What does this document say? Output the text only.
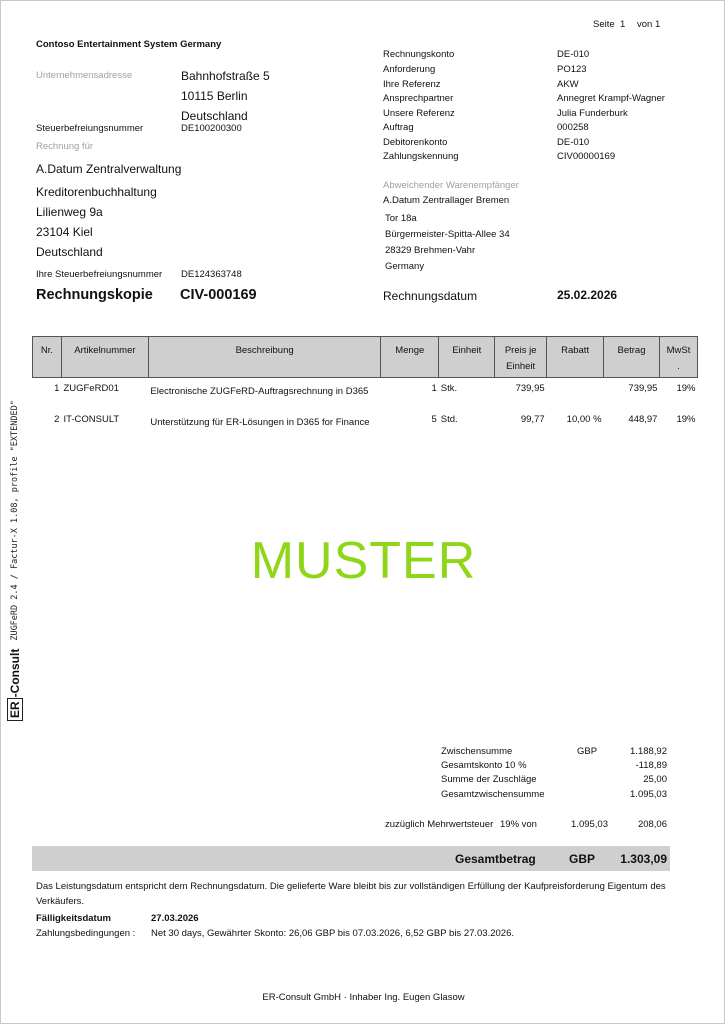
Seite 1 von 1
Contoso Entertainment System Germany
Unternehmensadresse	Bahnhofstraße 5
10115 Berlin
Deutschland
Steuerbefreiungsnummer	DE100200300
Rechnung für
A.Datum Zentralverwaltung
Kreditorenbuchhaltung
Lilienweg 9a
23104 Kiel
Deutschland
Ihre Steuerbefreiungsnummer DE124363748
Rechnungskonto	DE-010
Anforderung	PO123
Ihre Referenz	AKW
Ansprechpartner	Annegret Krampf-Wagner
Unsere Referenz	Julia Funderburk
Auftrag	000258
Debitorenkonto	DE-010
Zahlungskennung	CIV00000169
Abweichender Warenempfänger
A.Datum Zentrallager Bremen
Tor 18a
Bürgermeister-Spitta-Allee 34
28329 Brehmen-Vahr
Germany
Rechnungskopie CIV-000169	Rechnungsdatum	25.02.2026
Nr.	Artikelnummer	Beschreibung	Menge	Einheit	Preis je
Einheit	Rabatt	Betrag	MwSt
.
1	ZUGFeRD01	Electronische ZUGFeRD-Auftragsrechnung in D365	1	Stk.	739,95		739,95	19%
2	IT-CONSULT	Unterstützung für ER-Lösungen in D365 for Finance	5	Std.	99,77	10,00 %	448,97	19%
MUSTER
ER
-Consult
ZUGFeRD 2.4 / Factur-X 1.08, profile "EXTENDED"
Zwischensumme	GBP	1.188,92
Gesamtskonto 10 %	-118,89
Summe der Zuschläge	25,00
Gesamtzwischensumme	1.095,03
zuzüglich Mehrwertsteuer 19% von	1.095,03	208,06
Gesamtbetrag	GBP 1.303,09
Das Leistungsdatum entspricht dem Rechnungsdatum. Die gelieferte Ware bleibt bis zur vollständigen Erfüllung der Kaufpreisforderung Eigentum des
Verkäufers.
Fälligkeitsdatum	27.03.2026
Zahlungsbedingungen : Net 30 days, Gewährter Skonto: 26,06 GBP bis 07.03.2026, 6,52 GBP bis 27.03.2026.
ER-Consult GmbH · Inhaber Ing. Eugen Glasow
